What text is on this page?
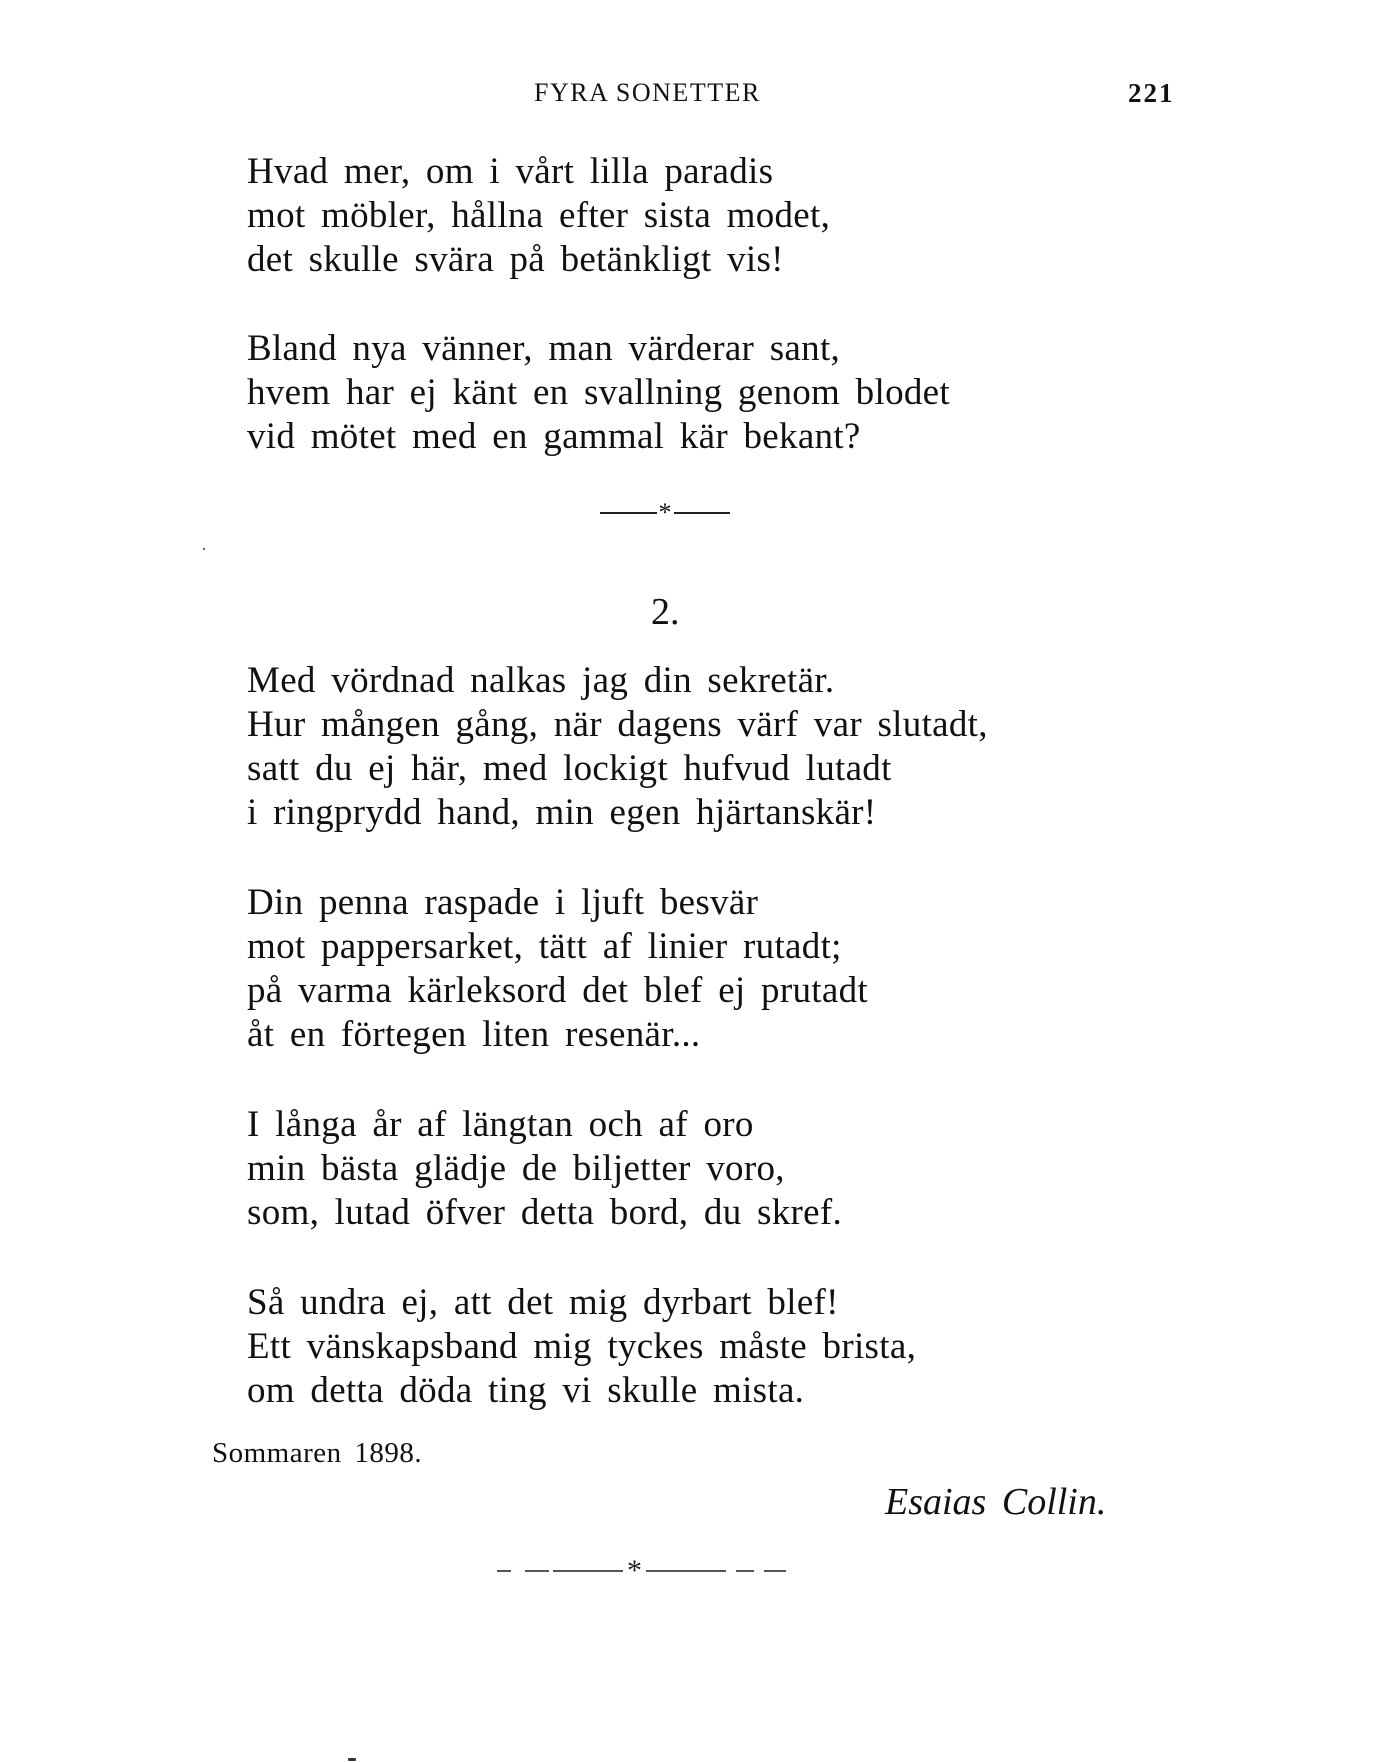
FYRA SONETTER	221

Hvad mer, om i vårt lilla paradis
mot möbler, hållna efter sista modet,
det skulle svära på betänkligt vis!

Bland nya vänner, man värderar sant,
hvem har ej känt en svallning genom blodet
vid mötet med en gammal kär bekant?

*
2.

Med vördnad nalkas jag din sekretär.
Hur mången gång, när dagens värf var slutadt,
satt du ej här, med lockigt hufvud lutadt
i ringprydd hand, min egen hjärtanskär!

Din penna raspade i ljuft besvär
mot pappersarket, tätt af linier rutadt;
på varma kärleksord det blef ej prutadt
åt en förtegen liten resenär...

I långa år af längtan och af oro
min bästa glädje de biljetter voro,
som, lutad öfver detta bord, du skref.

Så undra ej, att det mig dyrbart blef!
Ett vänskapsband mig tyckes måste brista,
om detta döda ting vi skulle mista.

Sommaren 1898.
Esaias Collin.
*
